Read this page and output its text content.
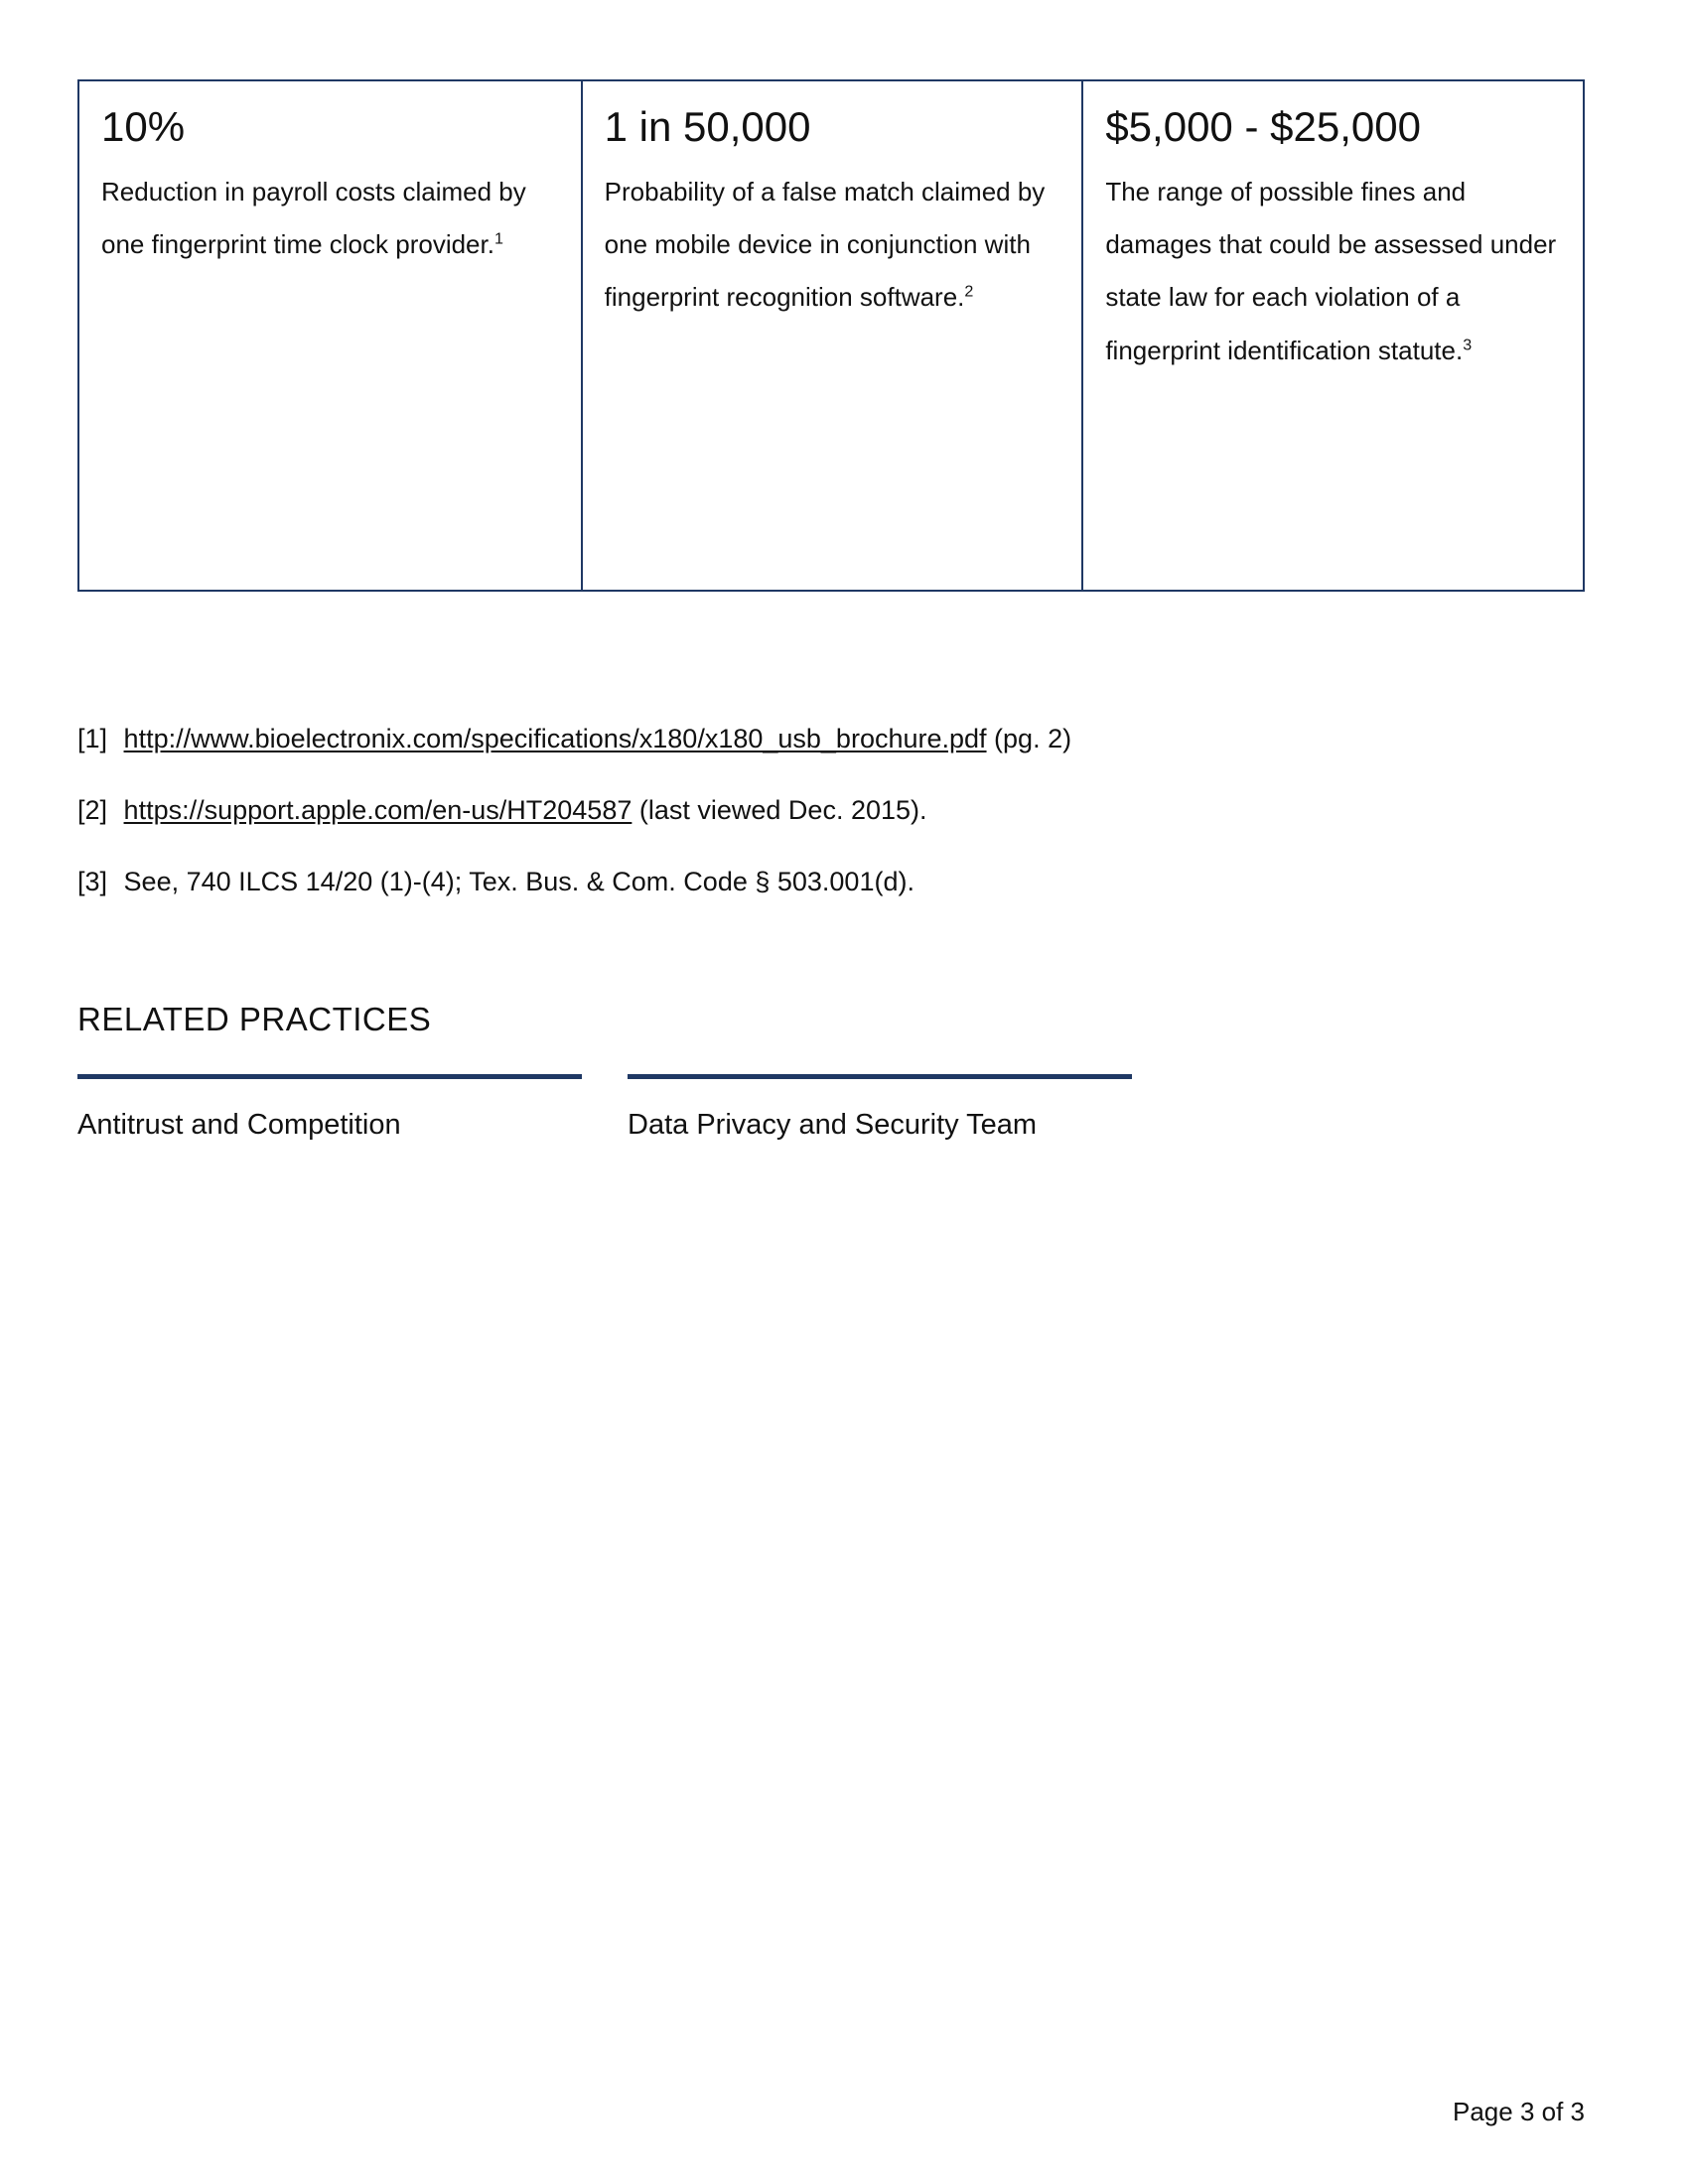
10%

Reduction in payroll costs claimed by one fingerprint time clock provider.$^1$

1 in 50,000

Probability of a false match claimed by one mobile device in conjunction with fingerprint recognition software.$^2$

$5,000 - $25,000

The range of possible fines and damages that could be assessed under state law for each violation of a fingerprint identification statute.$^3$

[1] http://www.bioelectronix.com/specifications/x180/x180_usb_brochure.pdf (pg. 2)

[2] https://support.apple.com/en-us/HT204587 (last viewed Dec. 2015).

[3] See, 740 ILCS 14/20 (1)-(4); Tex. Bus. & Com. Code § 503.001(d).

RELATED PRACTICES
Antitrust and Competition	Data Privacy and Security Team
Page 3 of 3
